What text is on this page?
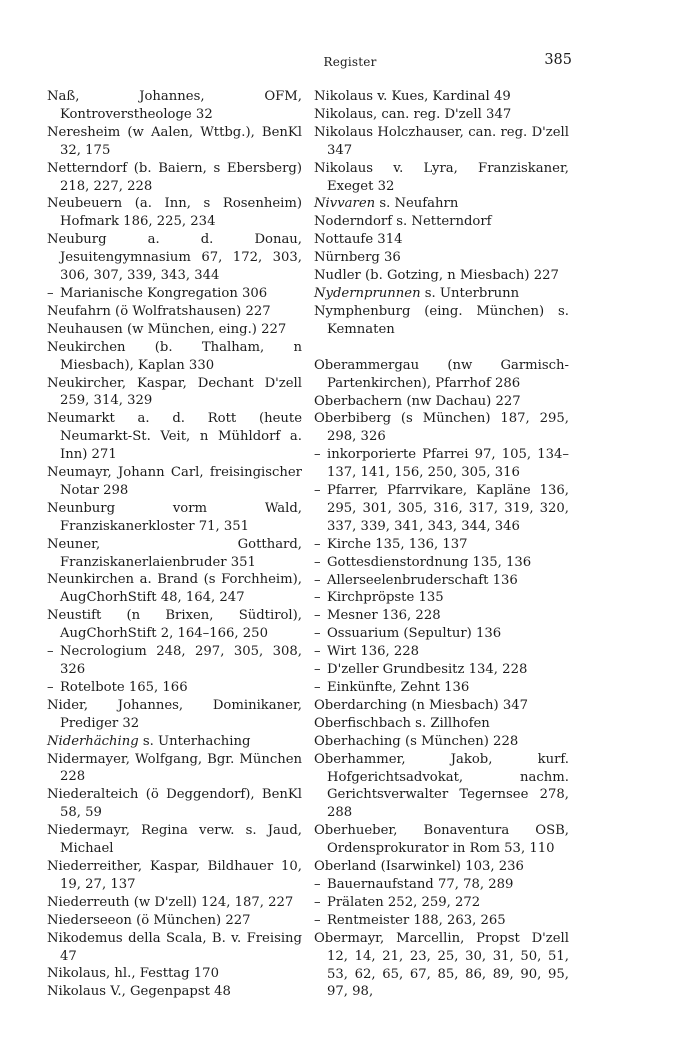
Register	385
Naß, Johannes, OFM, Kontroverstheologe 32
Neresheim (w Aalen, Wttbg.), BenKl 32, 175
Netterndorf (b. Baiern, s Ebersberg) 218, 227, 228
Neubeuern (a. Inn, s Rosenheim) Hofmark 186, 225, 234
Neuburg a. d. Donau, Jesuitengymnasium 67, 172, 303, 306, 307, 339, 343, 344
– Marianische Kongregation 306
Neufahrn (ö Wolfratshausen) 227
Neuhausen (w München, eing.) 227
Neukirchen (b. Thalham, n Miesbach), Kaplan 330
Neukircher, Kaspar, Dechant D'zell 259, 314, 329
Neumarkt a. d. Rott (heute Neumarkt-St. Veit, n Mühldorf a. Inn) 271
Neumayr, Johann Carl, freisingischer Notar 298
Neunburg vorm Wald, Franziskanerkloster 71, 351
Neuner, Gotthard, Franziskanerlaienbruder 351
Neunkirchen a. Brand (s Forchheim), AugChorhStift 48, 164, 247
Neustift (n Brixen, Südtirol), AugChorhStift 2, 164–166, 250
– Necrologium 248, 297, 305, 308, 326
– Rotelbote 165, 166
Nider, Johannes, Dominikaner, Prediger 32
Niderhäching s. Unterhaching
Nidermayer, Wolfgang, Bgr. München 228
Niederalteich (ö Deggendorf), BenKl 58, 59
Niedermayr, Regina verw. s. Jaud, Michael
Niederreither, Kaspar, Bildhauer 10, 19, 27, 137
Niederreuth (w D'zell) 124, 187, 227
Niederseeon (ö München) 227
Nikodemus della Scala, B. v. Freising 47
Nikolaus, hl., Festtag 170
Nikolaus V., Gegenpapst 48
Nikolaus v. Kues, Kardinal 49
Nikolaus, can. reg. D'zell 347
Nikolaus Holczhauser, can. reg. D'zell 347
Nikolaus v. Lyra, Franziskaner, Exeget 32
Nivvaren s. Neufahrn
Noderndorf s. Netterndorf
Nottaufe 314
Nürnberg 36
Nudler (b. Gotzing, n Miesbach) 227
Nydernprunnen s. Unterbrunn
Nymphenburg (eing. München) s. Kemnaten
Oberammergau (nw Garmisch-Partenkirchen), Pfarrhof 286
Oberbachern (nw Dachau) 227
Oberbiberg (s München) 187, 295, 298, 326
– inkorporierte Pfarrei 97, 105, 134–137, 141, 156, 250, 305, 316
– Pfarrer, Pfarrvikare, Kapläne 136, 295, 301, 305, 316, 317, 319, 320, 337, 339, 341, 343, 344, 346
– Kirche 135, 136, 137
– Gottesdienstordnung 135, 136
– Allerseelenbruderschaft 136
– Kirchpröpste 135
– Mesner 136, 228
– Ossuarium (Sepultur) 136
– Wirt 136, 228
– D'zeller Grundbesitz 134, 228
– Einkünfte, Zehnt 136
Oberdarching (n Miesbach) 347
Oberfischbach s. Zillhofen
Oberhaching (s München) 228
Oberhammer, Jakob, kurf. Hofgerichtsadvokat, nachm. Gerichtsverwalter Tegernsee 278, 288
Oberhueber, Bonaventura OSB, Ordensprokurator in Rom 53, 110
Oberland (Isarwinkel) 103, 236
– Bauernaufstand 77, 78, 289
– Prälaten 252, 259, 272
– Rentmeister 188, 263, 265
Obermayr, Marcellin, Propst D'zell 12, 14, 21, 23, 25, 30, 31, 50, 51, 53, 62, 65, 67, 85, 86, 89, 90, 95, 97, 98,
